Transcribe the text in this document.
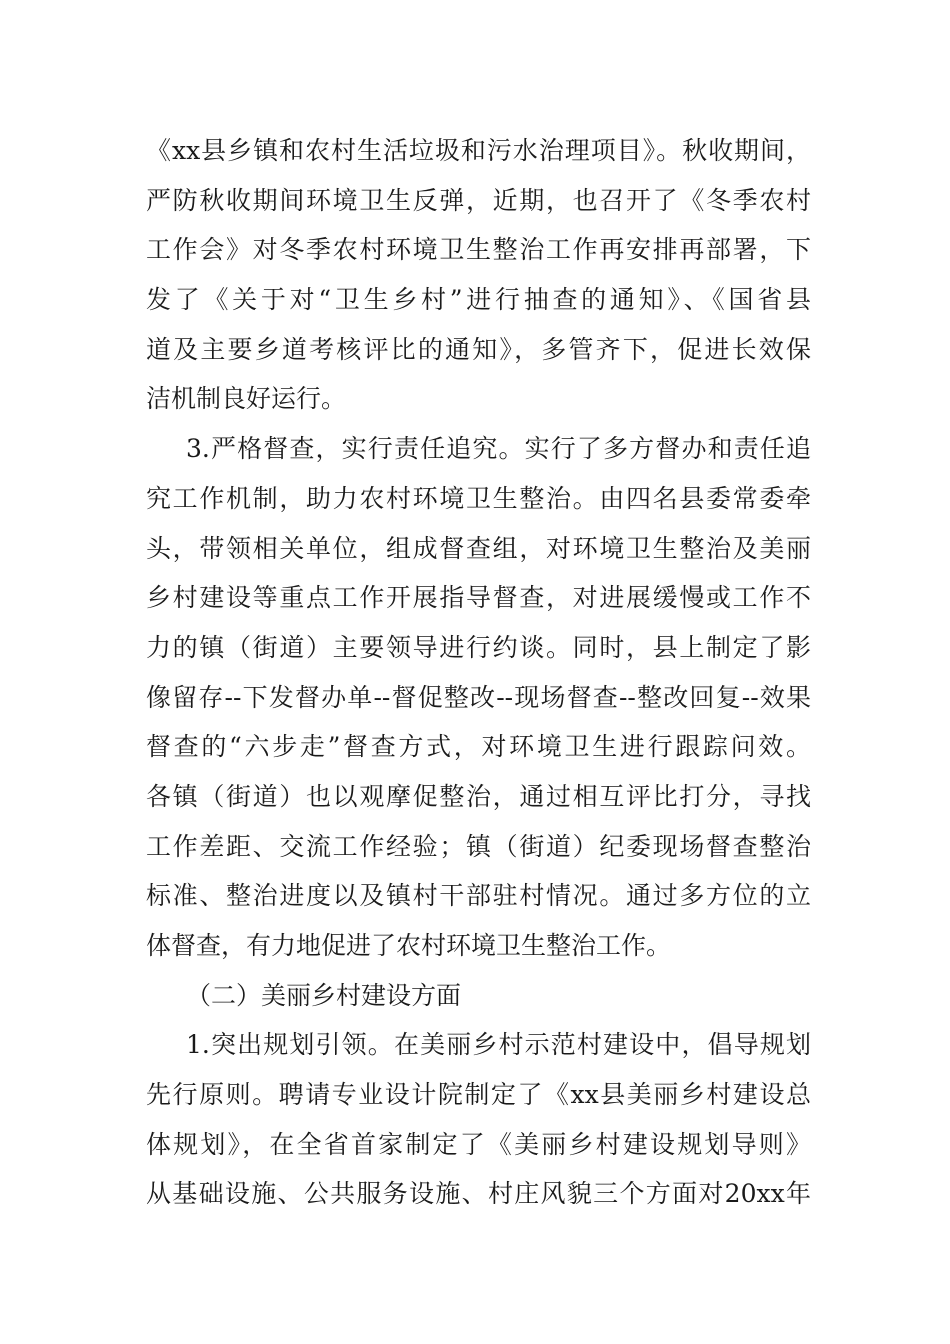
《xx县乡镇和农村生活垃圾和污水治理项目》。秋收期间，
严防秋收期间环境卫生反弹，近期，也召开了《冬季农村
工作会》对冬季农村环境卫生整治工作再安排再部署，下
发了《关于对“卫生乡村”进行抽查的通知》、《国省县
道及主要乡道考核评比的通知》，多管齐下，促进长效保
洁机制良好运行。
3.严格督查，实行责任追究。实行了多方督办和责任追
究工作机制，助力农村环境卫生整治。由四名县委常委牵
头，带领相关单位，组成督查组，对环境卫生整治及美丽
乡村建设等重点工作开展指导督查，对进展缓慢或工作不
力的镇（街道）主要领导进行约谈。同时，县上制定了影
像留存--下发督办单--督促整改--现场督查--整改回复--效果
督查的“六步走”督查方式，对环境卫生进行跟踪问效。
各镇（街道）也以观摩促整治，通过相互评比打分，寻找
工作差距、交流工作经验；镇（街道）纪委现场督查整治
标准、整治进度以及镇村干部驻村情况。通过多方位的立
体督查，有力地促进了农村环境卫生整治工作。
（二）美丽乡村建设方面
1.突出规划引领。在美丽乡村示范村建设中，倡导规划
先行原则。聘请专业设计院制定了《xx县美丽乡村建设总
体规划》，在全省首家制定了《美丽乡村建设规划导则》
从基础设施、公共服务设施、村庄风貌三个方面对20xx年
